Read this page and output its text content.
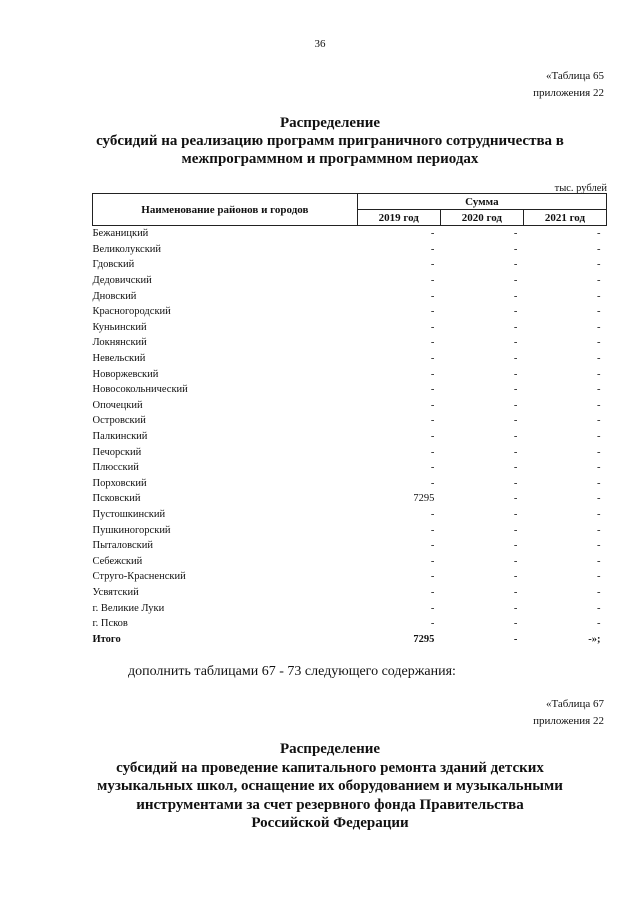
36
«Таблица 65
приложения 22
Распределение
субсидий на реализацию программ приграничного сотрудничества в
межпрограммном и программном периодах
тыс. рублей
Наименование районов и городов	Сумма		
	2019 год	2020 год	2021 год
Бежаницкий	-	-	-
Великолукский	-	-	-
Гдовский	-	-	-
Дедовичский	-	-	-
Дновский	-	-	-
Красногородский	-	-	-
Куньинский	-	-	-
Локнянский	-	-	-
Невельский	-	-	-
Новоржевский	-	-	-
Новосокольнический	-	-	-
Опочецкий	-	-	-
Островский	-	-	-
Палкинский	-	-	-
Печорский	-	-	-
Плюсский	-	-	-
Порховский	-	-	-
Псковский	7295	-	-
Пустошкинский	-	-	-
Пушкиногорский	-	-	-
Пыталовский	-	-	-
Себежский	-	-	-
Струго-Красненский	-	-	-
Усвятский	-	-	-
г. Великие Луки	-	-	-
г. Псков	-	-	-
Итого	7295	-	-»;
дополнить таблицами 67 - 73 следующего содержания:
«Таблица 67
приложения 22
Распределение
субсидий на проведение капитального ремонта зданий детских
музыкальных школ, оснащение их оборудованием и музыкальными
инструментами за счет резервного фонда Правительства
Российской Федерации
